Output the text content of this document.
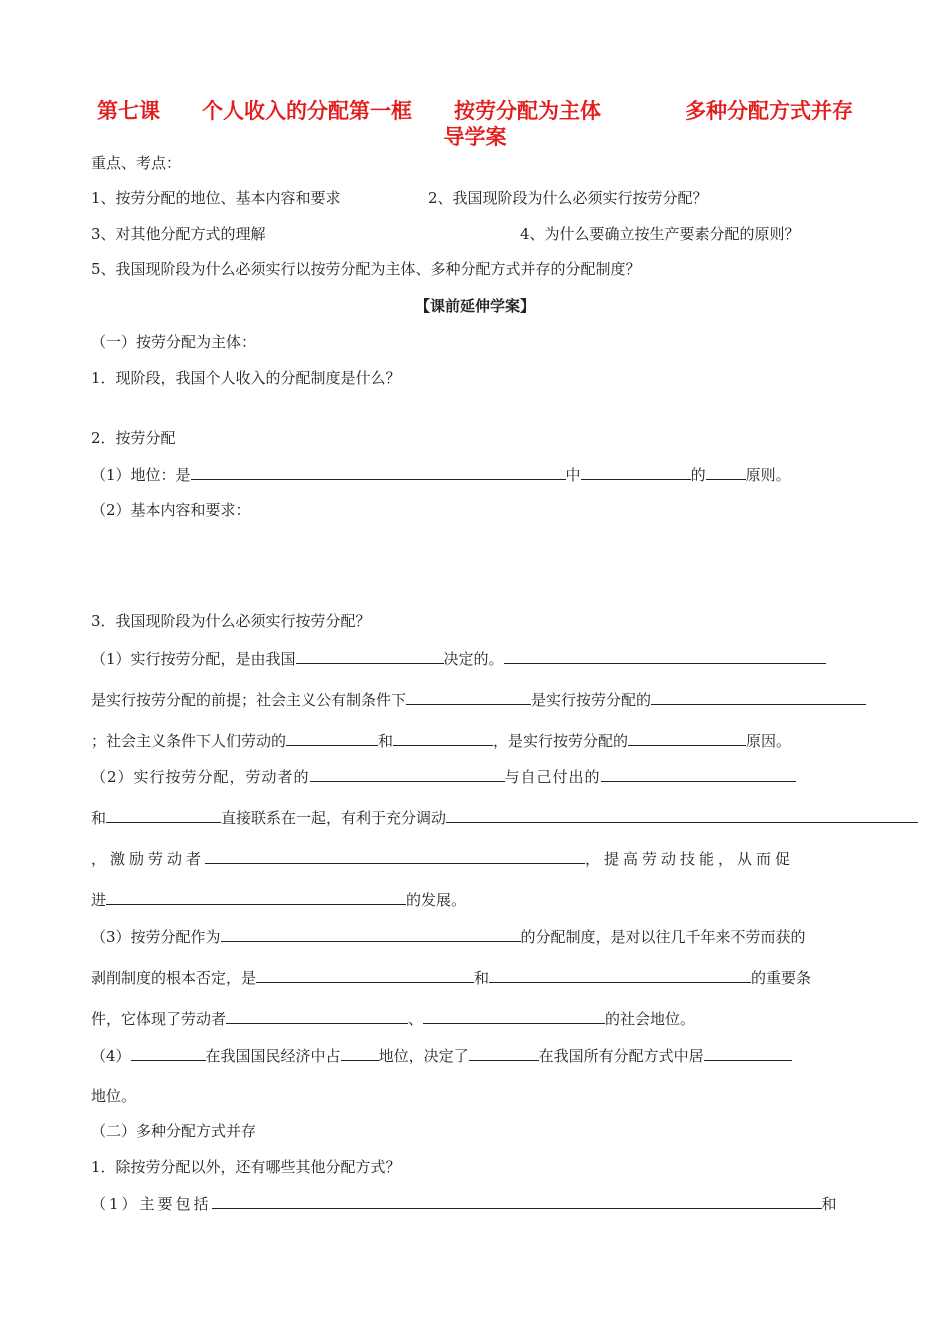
第七课　　个人收入的分配第一框　　按劳分配为主体　　　　多种分配方式并存
导学案
重点、考点：
1、按劳分配的地位、基本内容和要求	2、我国现阶段为什么必须实行按劳分配？
3、对其他分配方式的理解	4、为什么要确立按生产要素分配的原则？
5、我国现阶段为什么必须实行以按劳分配为主体、多种分配方式并存的分配制度？
【课前延伸学案】
（一）按劳分配为主体：
1．现阶段，我国个人收入的分配制度是什么？
2．按劳分配
（1）地位：是	中	的	原则。
（2）基本内容和要求：
3．我国现阶段为什么必须实行按劳分配？
（1）实行按劳分配，是由我国	决定的。
是实行按劳分配的前提；社会主义公有制条件下	是实行按劳分配的
；社会主义条件下人们劳动的	和	，是实行按劳分配的	原因。
（2）实行按劳分配，劳动者的	与自己付出的
和	直接联系在一起，有利于充分调动
，激励劳动者	，提高劳动技能，从而促
进	的发展。
（3）按劳分配作为	的分配制度，是对以往几千年来不劳而获的
剥削制度的根本否定，是	和	的重要条
件，它体现了劳动者	、	的社会地位。
（4）	在我国国民经济中占	地位，决定了	在我国所有分配方式中居
地位。
（二）多种分配方式并存
1．除按劳分配以外，还有哪些其他分配方式？
（1）主要包括	和
